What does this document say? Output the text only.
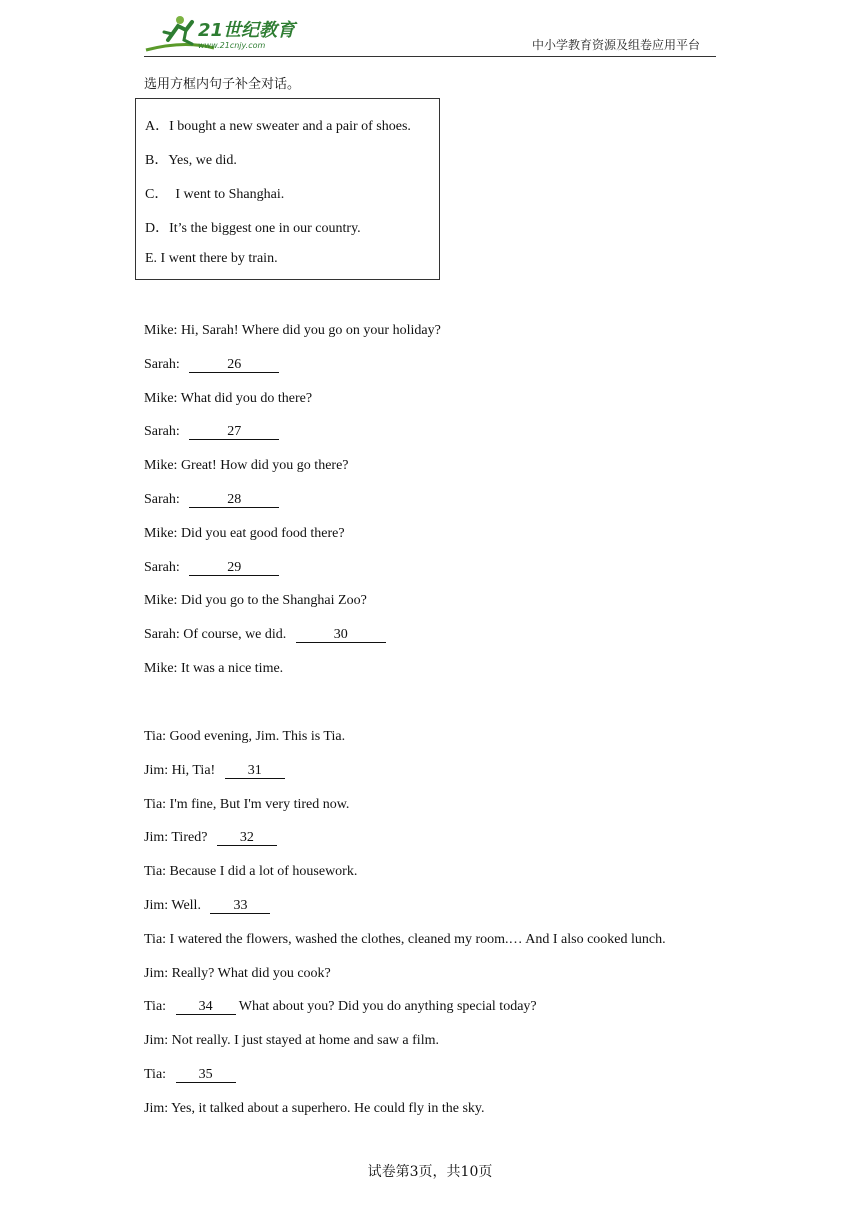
21世纪教育
www.21cnjy.com	中小学教育资源及组卷应用平台
选用方框内句子补全对话。
A．I bought a new sweater and a pair of shoes.
B．Yes, we did.
C．  I went to Shanghai.
D．It’s the biggest one in our country.
E. I went there by train.
Mike: Hi, Sarah! Where did you go on your holiday?
Sarah:	26
Mike: What did you do there?
Sarah:	27
Mike: Great! How did you go there?
Sarah:	28
Mike: Did you eat good food there?
Sarah:	29
Mike: Did you go to the Shanghai Zoo?
Sarah: Of course, we did.	30
Mike: It was a nice time.
Tia: Good evening, Jim. This is Tia.
Jim: Hi, Tia! 31
Tia: I'm fine, But I'm very tired now.
Jim: Tired? 32
Tia: Because I did a lot of housework.
Jim: Well. 33
Tia: I watered the flowers, washed the clothes, cleaned my room.… And I also cooked lunch.
Jim: Really? What did you cook?
Tia: 34 What about you? Did you do anything special today?
Jim: Not really. I just stayed at home and saw a film.
Tia: 35
Jim: Yes, it talked about a superhero. He could fly in the sky.
试卷第3页，共10页
